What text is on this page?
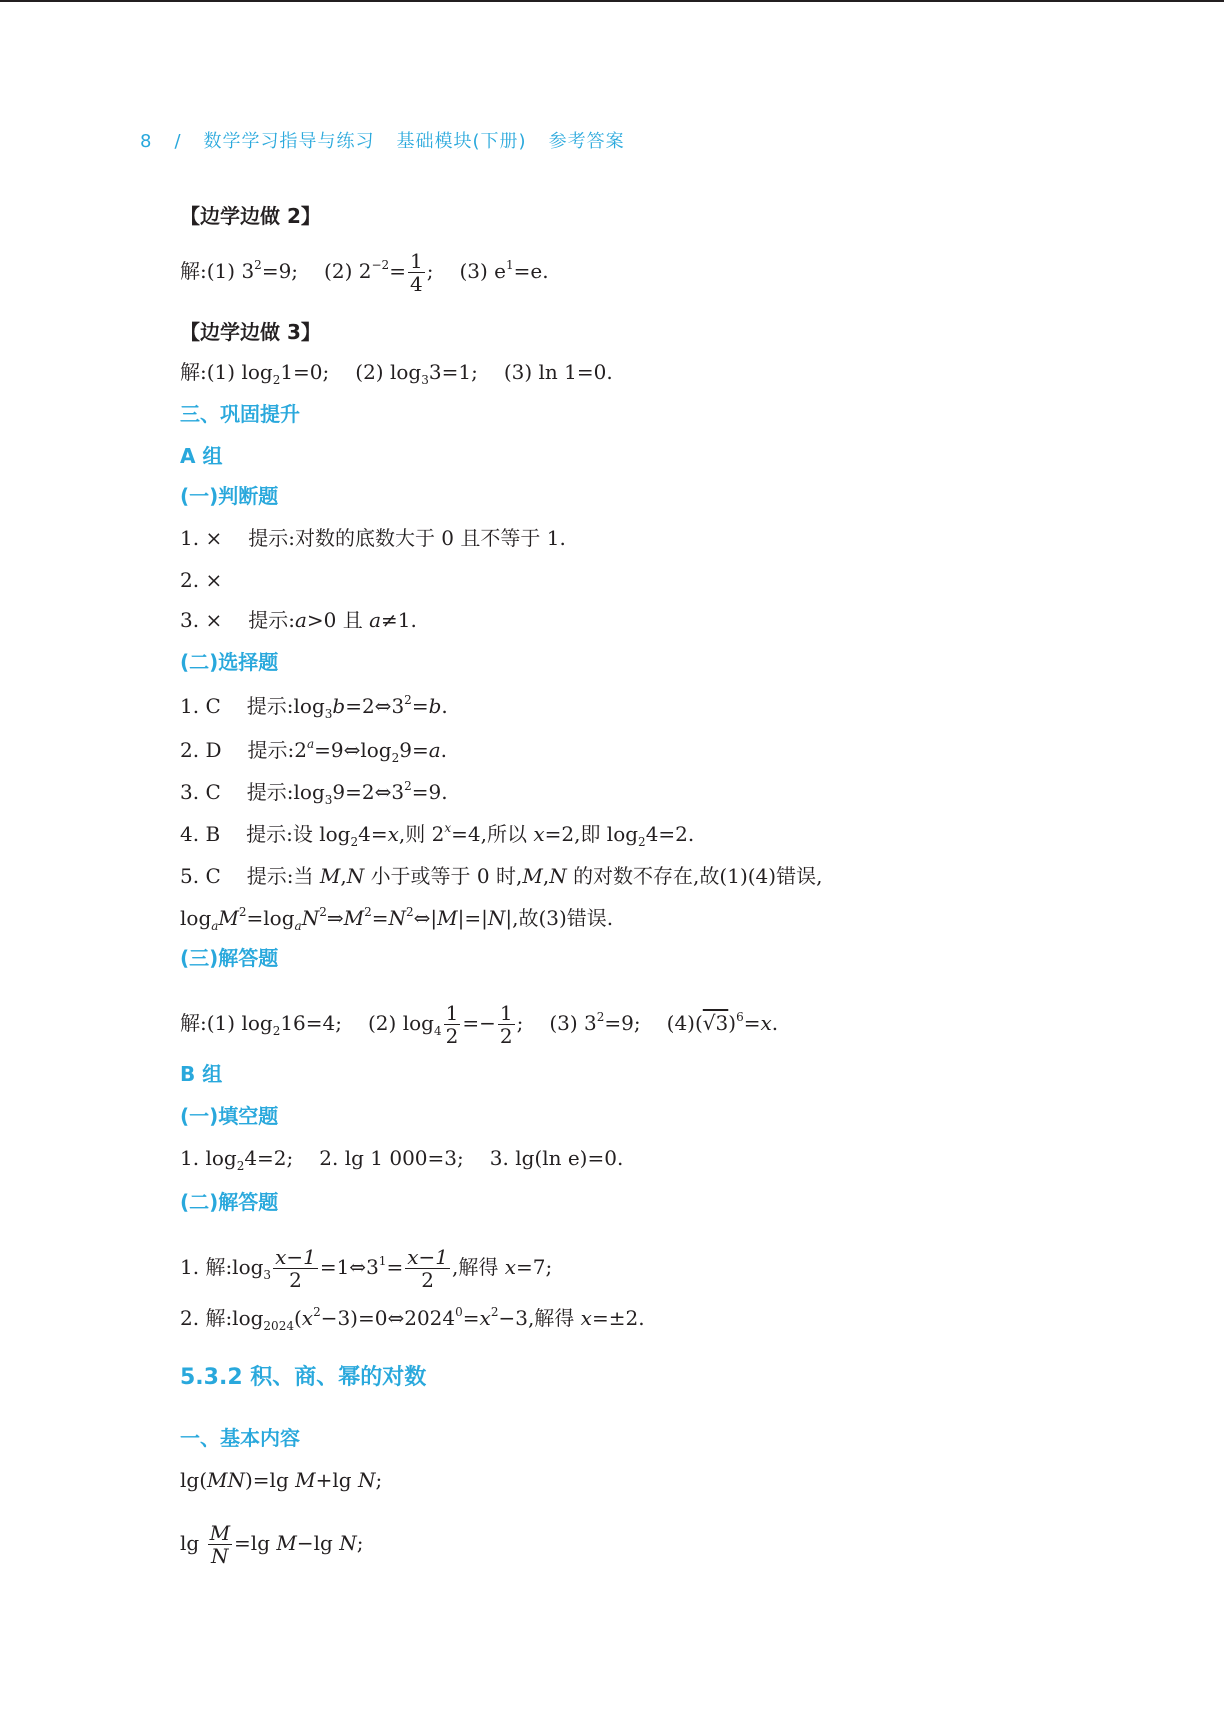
8 / 数学学习指导与练习 基础模块(下册) 参考答案
【边学边做 2】
解:(1) $3^2=9$; (2) $2^{-2}= \frac{1}{4}$ ; (3) $e^1=e$.
【边学边做 3】
解:(1) $\log_21=0$; (2) $\log_33=1$; (3) ln 1=0.
三、巩固提升
A 组
(一)判断题
1. × 提示:对数的底数大于 0 且不等于 1.
2. ×
3. × 提示:a>0 且 a≠1.
(二)选择题
1. C 提示$:\log_3b=2\Leftrightarrow 3^2=b$.
2. D 提示$:2^a=9\Leftrightarrow\log_29=a$.
3. C 提示$:\log_39=2\Leftrightarrow 3^2=9$.
4. B 提示:设 $\log_24=x$,则 $2^x=4$,所以 x=2,即 $\log_24=2$.
5. C 提示:当 M,N 小于或等于 0 时,M,N 的对数不存在,故(1)(4)错误,
$\log_aM^2=\log_aN^2\Rightarrow M^2=N^2\Leftrightarrow|M|=|N|$,故(3)错误.
(三)解答题
解:(1) $\log_216=4$; (2) $\log_4 \frac{1}{2} =- \frac{1}{2}$ ; (3) $3^2=9$; $(4)(√3)^6=x$.
B 组
(一)填空题
1. $\log_24=2$; 2. lg 1 000=3; 3. lg(ln e)=0.
(二)解答题
1. 解$:\log_3 \frac{x-1}{2}$ $=1\Leftrightarrow 3^1= \frac{x-1}{2}$ ,解得 x=7;
2. 解$:\log_{2024}(x^2-3)=0\Leftrightarrow 2024^0=x^2-3$,解得 x=±2.
5.3.2 积、商、幂的对数
一、基本内容
lg(MN)=lg M+lg N;
$\lg \frac{M}{N} =\lg$ M−lg N;
